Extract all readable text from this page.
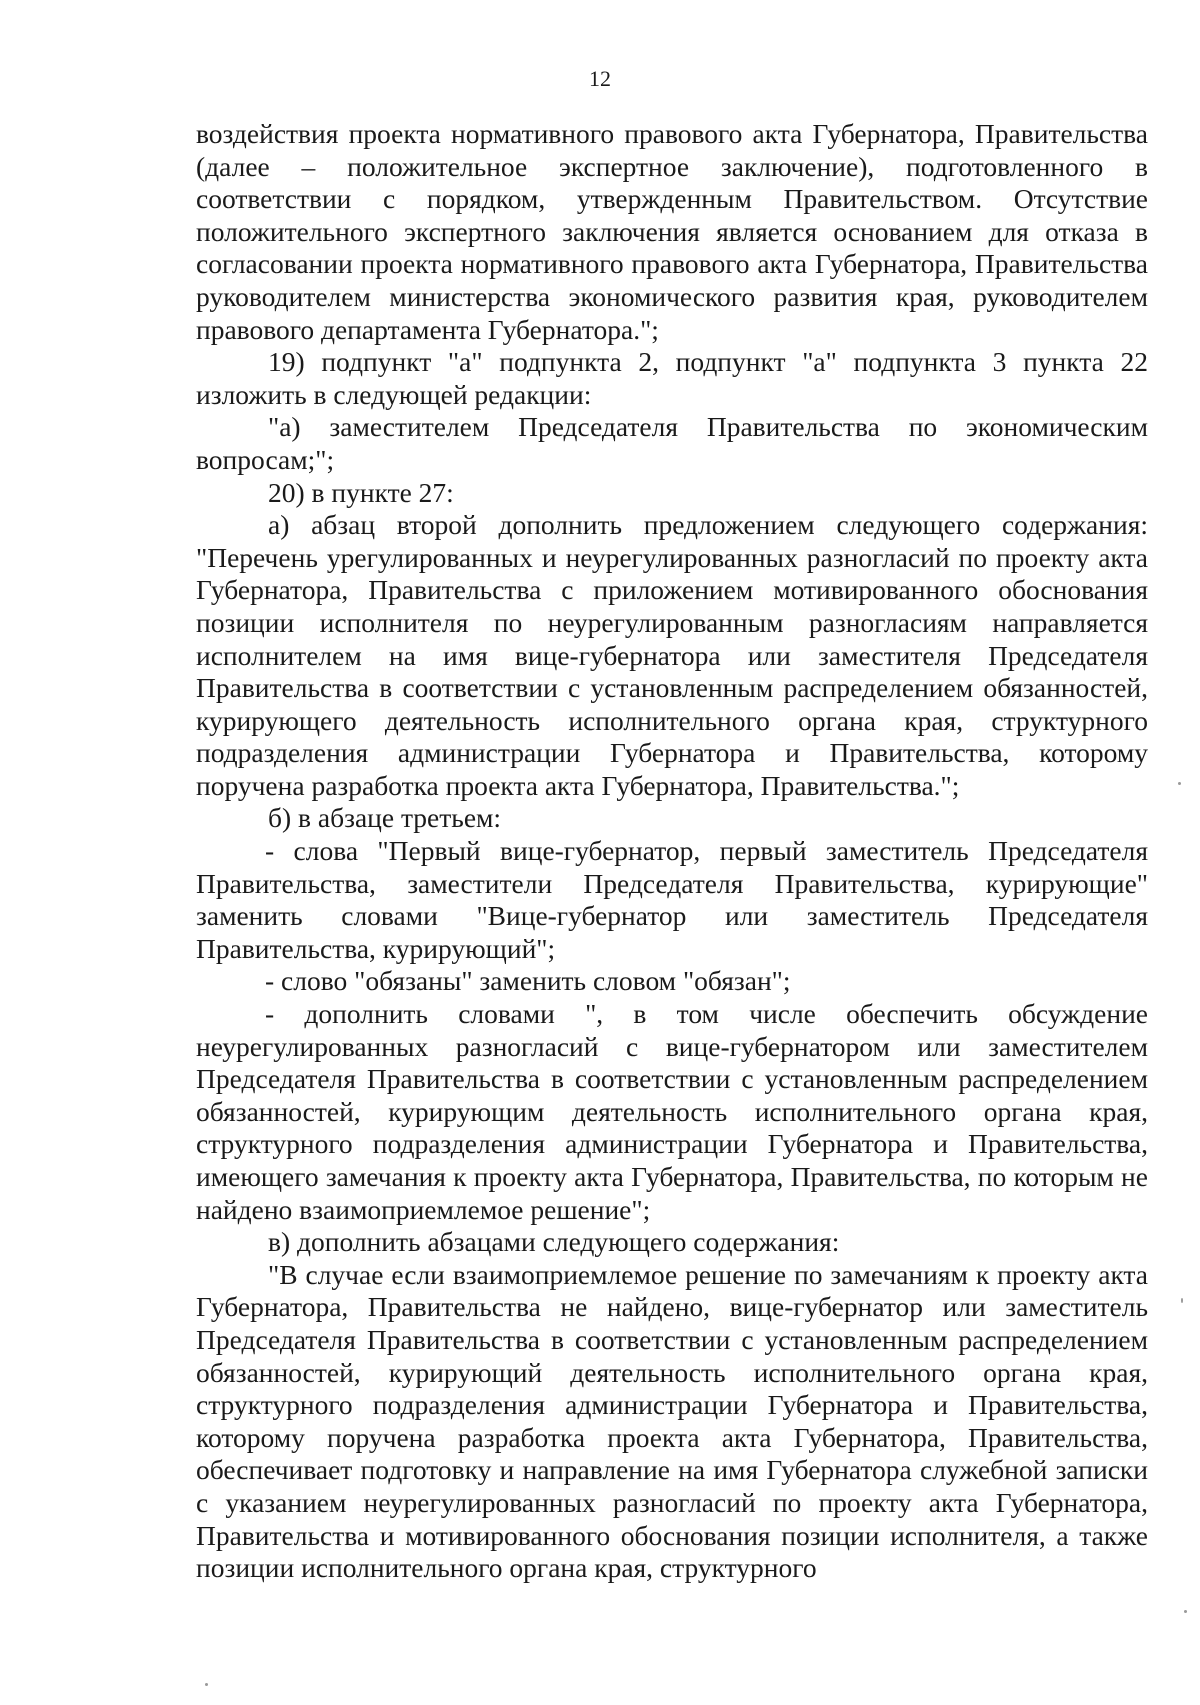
12

воздействия проекта нормативного правового акта Губернатора, Правительства (далее – положительное экспертное заключение), подготовленного в соответствии с порядком, утвержденным Правительством. Отсутствие положительного экспертного заключения является основанием для отказа в согласовании проекта нормативного правового акта Губернатора, Правительства руководителем министерства экономического развития края, руководителем правового департамента Губернатора.";

19) подпункт "а" подпункта 2, подпункт "а" подпункта 3 пункта 22 изложить в следующей редакции:

"а) заместителем Председателя Правительства по экономическим вопросам;";

20) в пункте 27:

а) абзац второй дополнить предложением следующего содержания: "Перечень урегулированных и неурегулированных разногласий по проекту акта Губернатора, Правительства с приложением мотивированного обоснования позиции исполнителя по неурегулированным разногласиям направляется исполнителем на имя вице-губернатора или заместителя Председателя Правительства в соответствии с установленным распределением обязанностей, курирующего деятельность исполнительного органа края, структурного подразделения администрации Губернатора и Правительства, которому поручена разработка проекта акта Губернатора, Правительства.";

б) в абзаце третьем:

- слова "Первый вице-губернатор, первый заместитель Председателя Правительства, заместители Председателя Правительства, курирующие" заменить словами "Вице-губернатор или заместитель Председателя Правительства, курирующий";

- слово "обязаны" заменить словом "обязан";

- дополнить словами ", в том числе обеспечить обсуждение неурегулированных разногласий с вице-губернатором или заместителем Председателя Правительства в соответствии с установленным распределением обязанностей, курирующим деятельность исполнительного органа края, структурного подразделения администрации Губернатора и Правительства, имеющего замечания к проекту акта Губернатора, Правительства, по которым не найдено взаимоприемлемое решение";

в) дополнить абзацами следующего содержания:

"В случае если взаимоприемлемое решение по замечаниям к проекту акта Губернатора, Правительства не найдено, вице-губернатор или заместитель Председателя Правительства в соответствии с установленным распределением обязанностей, курирующий деятельность исполнительного органа края, структурного подразделения администрации Губернатора и Правительства, которому поручена разработка проекта акта Губернатора, Правительства, обеспечивает подготовку и направление на имя Губернатора служебной записки с указанием неурегулированных разногласий по проекту акта Губернатора, Правительства и мотивированного обоснования позиции исполнителя, а также позиции исполнительного органа края, структурного
